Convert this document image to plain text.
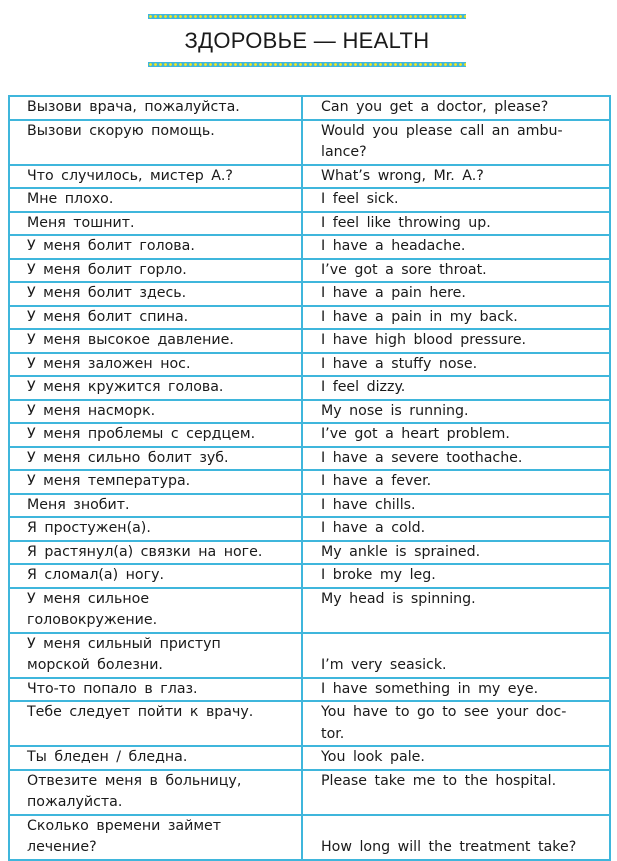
ЗДОРОВЬЕ — HEALTH
Вызови врача, пожалуйста.	Can you get a doctor, please?

Вызови скорую помощь.	Would you please call an ambu-
lance?

Что случилось, мистер А.?	What’s wrong, Mr. A.?

Мне плохо.	I feel sick.

Меня тошнит.	I feel like throwing up.

У меня болит голова.	I have a headache.

У меня болит горло.	I’ve got a sore throat.

У меня болит здесь.	I have a pain here.

У меня болит спина.	I have a pain in my back.

У меня высокое давление.	I have high blood pressure.

У меня заложен нос.	I have a stuffy nose.

У меня кружится голова.	I feel dizzy.

У меня насморк.	My nose is running.

У меня проблемы с сердцем.	I’ve got a heart problem.

У меня сильно болит зуб.	I have a severe toothache.

У меня температура.	I have a fever.

Меня знобит.	I have chills.

Я простужен(а).	I have a cold.

Я растянул(а) связки на ноге.	My ankle is sprained.

Я сломал(а) ногу.	I broke my leg.

У меня сильное
головокружение.	My head is spinning.

У меня сильный приступ
морской болезни.	I’m very seasick.

Что-то попало в глаз.	I have something in my eye.

Тебе следует пойти к врачу.	You have to go to see your doc-
tor.

Ты бледен / бледна.	You look pale.

Отвезите меня в больницу,
пожалуйста.	Please take me to the hospital.

Сколько времени займет
лечение?	How long will the treatment take?
